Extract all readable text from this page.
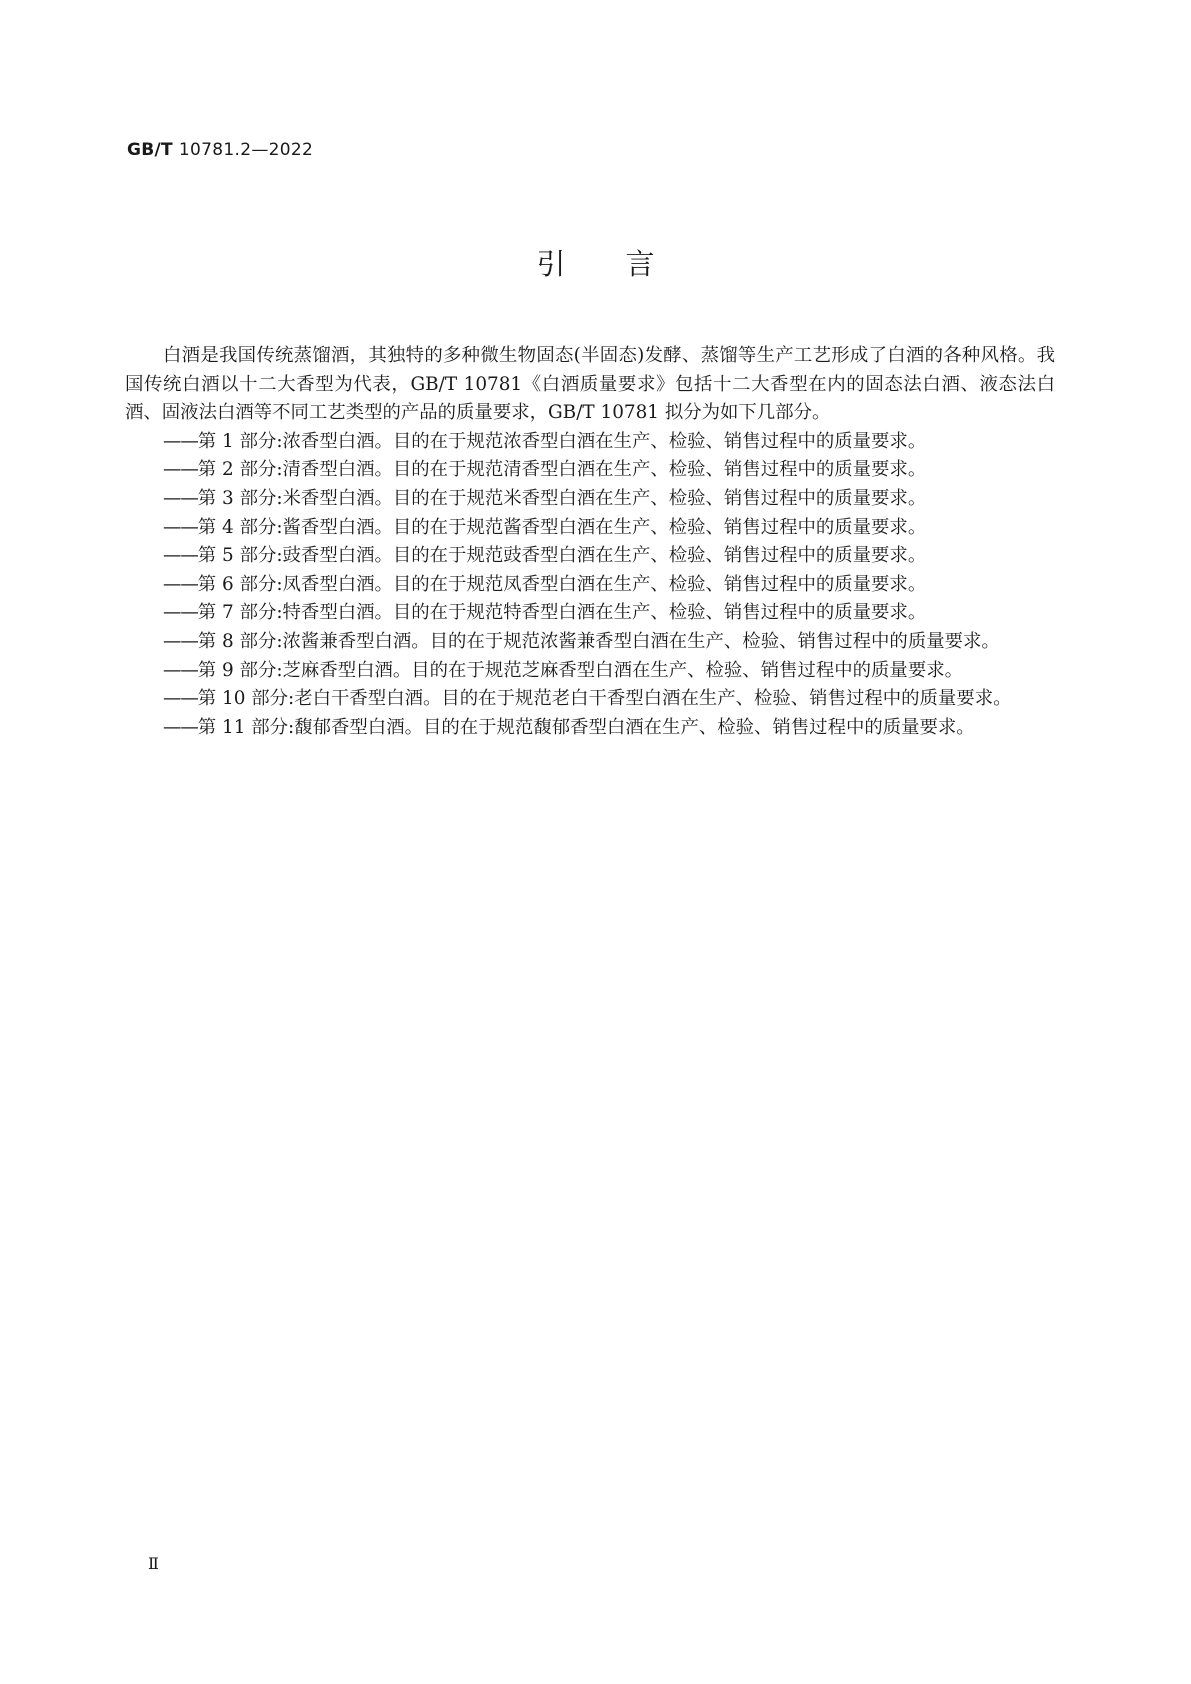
GB/T 10781.2—2022
引 言

白酒是我国传统蒸馏酒，其独特的多种微生物固态(半固态)发酵、蒸馏等生产工艺形成了白酒的各种风格。我国传统白酒以十二大香型为代表，GB/T 10781《白酒质量要求》包括十二大香型在内的固态法白酒、液态法白酒、固液法白酒等不同工艺类型的产品的质量要求，GB/T 10781 拟分为如下几部分。

——第 1 部分:浓香型白酒。目的在于规范浓香型白酒在生产、检验、销售过程中的质量要求。

——第 2 部分:清香型白酒。目的在于规范清香型白酒在生产、检验、销售过程中的质量要求。

——第 3 部分:米香型白酒。目的在于规范米香型白酒在生产、检验、销售过程中的质量要求。

——第 4 部分:酱香型白酒。目的在于规范酱香型白酒在生产、检验、销售过程中的质量要求。

——第 5 部分:豉香型白酒。目的在于规范豉香型白酒在生产、检验、销售过程中的质量要求。

——第 6 部分:凤香型白酒。目的在于规范凤香型白酒在生产、检验、销售过程中的质量要求。

——第 7 部分:特香型白酒。目的在于规范特香型白酒在生产、检验、销售过程中的质量要求。

——第 8 部分:浓酱兼香型白酒。目的在于规范浓酱兼香型白酒在生产、检验、销售过程中的质量要求。

——第 9 部分:芝麻香型白酒。目的在于规范芝麻香型白酒在生产、检验、销售过程中的质量要求。

——第 10 部分:老白干香型白酒。目的在于规范老白干香型白酒在生产、检验、销售过程中的质量要求。

——第 11 部分:馥郁香型白酒。目的在于规范馥郁香型白酒在生产、检验、销售过程中的质量要求。

Ⅱ
